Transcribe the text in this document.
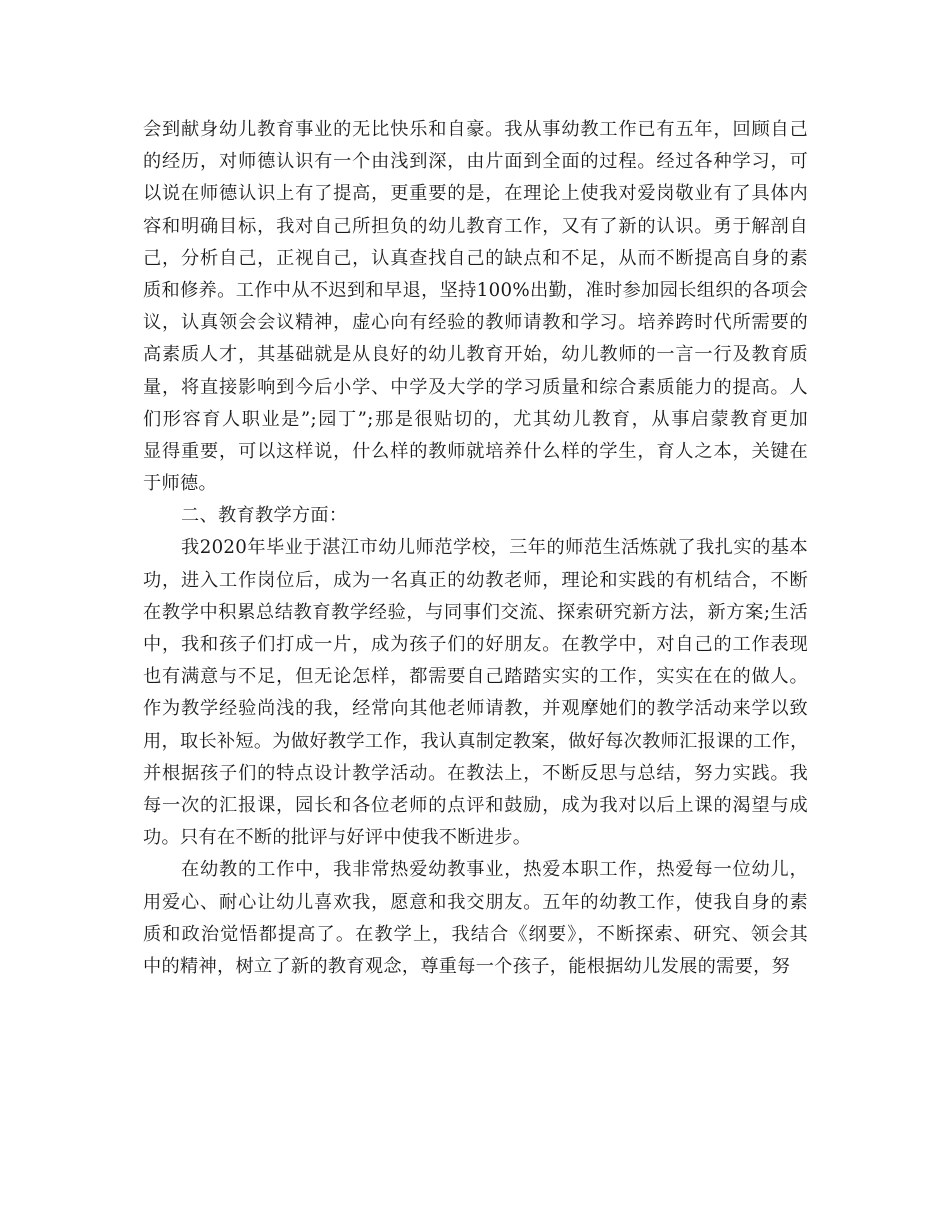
会到献身幼儿教育事业的无比快乐和自豪。我从事幼教工作已有五年，回顾自己
的经历，对师德认识有一个由浅到深，由片面到全面的过程。经过各种学习，可
以说在师德认识上有了提高，更重要的是，在理论上使我对爱岗敬业有了具体内
容和明确目标，我对自己所担负的幼儿教育工作，又有了新的认识。勇于解剖自
己，分析自己，正视自己，认真查找自己的缺点和不足，从而不断提高自身的素
质和修养。工作中从不迟到和早退，坚持100%出勤，准时参加园长组织的各项会
议，认真领会会议精神，虚心向有经验的教师请教和学习。培养跨时代所需要的
高素质人才，其基础就是从良好的幼儿教育开始，幼儿教师的一言一行及教育质
量，将直接影响到今后小学、中学及大学的学习质量和综合素质能力的提高。人
们形容育人职业是”;园丁”;那是很贴切的，尤其幼儿教育，从事启蒙教育更加
显得重要，可以这样说，什么样的教师就培养什么样的学生，育人之本，关键在
于师德。
二、教育教学方面：
我2020年毕业于湛江市幼儿师范学校，三年的师范生活炼就了我扎实的基本
功，进入工作岗位后，成为一名真正的幼教老师，理论和实践的有机结合，不断
在教学中积累总结教育教学经验，与同事们交流、探索研究新方法，新方案;生活
中，我和孩子们打成一片，成为孩子们的好朋友。在教学中，对自己的工作表现
也有满意与不足，但无论怎样，都需要自己踏踏实实的工作，实实在在的做人。
作为教学经验尚浅的我，经常向其他老师请教，并观摩她们的教学活动来学以致
用，取长补短。为做好教学工作，我认真制定教案，做好每次教师汇报课的工作，
并根据孩子们的特点设计教学活动。在教法上，不断反思与总结，努力实践。我
每一次的汇报课，园长和各位老师的点评和鼓励，成为我对以后上课的渴望与成
功。只有在不断的批评与好评中使我不断进步。
在幼教的工作中，我非常热爱幼教事业，热爱本职工作，热爱每一位幼儿，
用爱心、耐心让幼儿喜欢我，愿意和我交朋友。五年的幼教工作，使我自身的素
质和政治觉悟都提高了。在教学上，我结合《纲要》，不断探索、研究、领会其
中的精神，树立了新的教育观念，尊重每一个孩子，能根据幼儿发展的需要，努
